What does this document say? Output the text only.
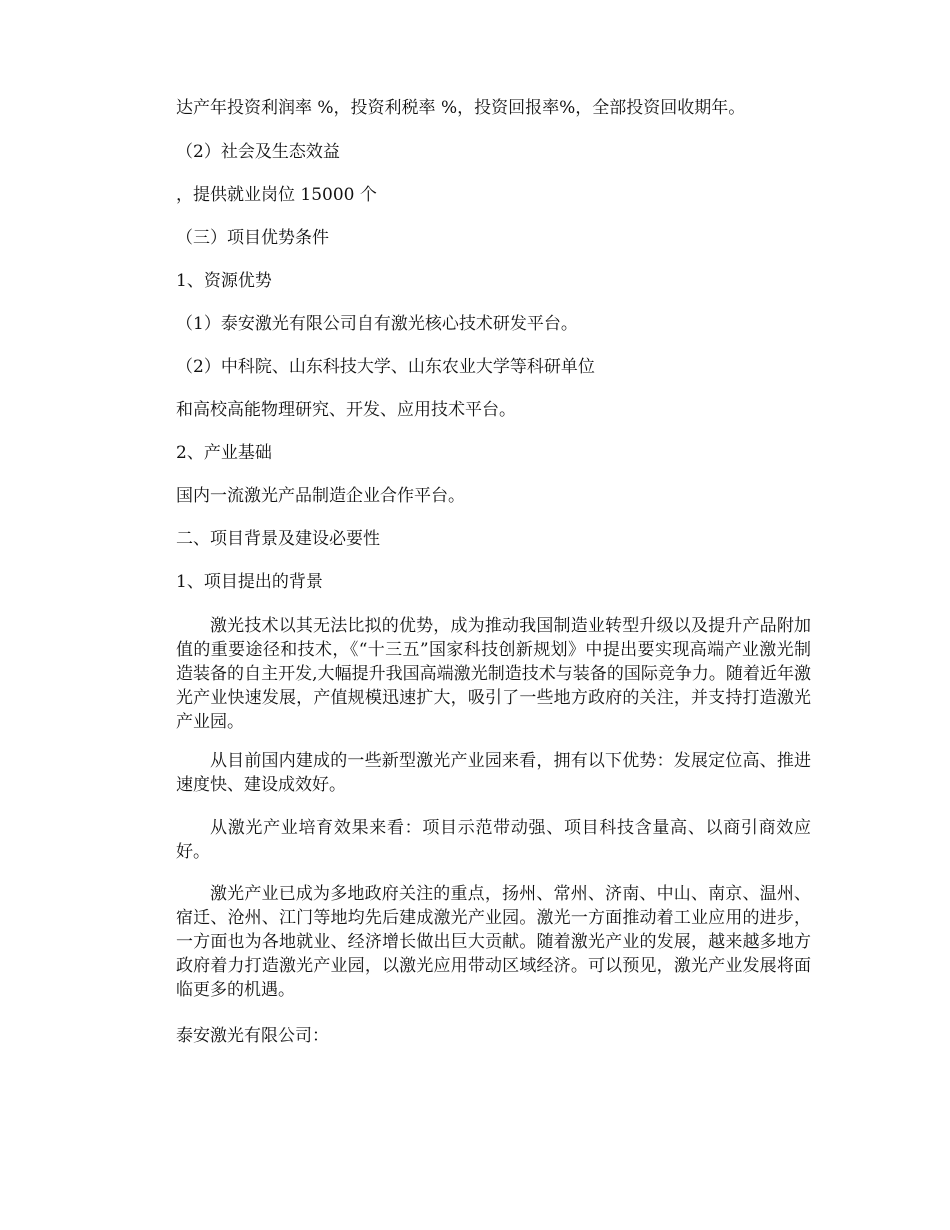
达产年投资利润率 %，投资利税率 %，投资回报率%，全部投资回收期年。

（2）社会及生态效益

，提供就业岗位 15000 个

（三）项目优势条件

1、资源优势

（1）泰安激光有限公司自有激光核心技术研发平台。

（2）中科院、山东科技大学、山东农业大学等科研单位

和高校高能物理研究、开发、应用技术平台。

2、产业基础

国内一流激光产品制造企业合作平台。

二、项目背景及建设必要性

1、项目提出的背景

激光技术以其无法比拟的优势，成为推动我国制造业转型升级以及提升产品附加值的重要途径和技术，《“十三五”国家科技创新规划》中提出要实现高端产业激光制造装备的自主开发,大幅提升我国高端激光制造技术与装备的国际竞争力。随着近年激光产业快速发展，产值规模迅速扩大，吸引了一些地方政府的关注，并支持打造激光产业园。

从目前国内建成的一些新型激光产业园来看，拥有以下优势：发展定位高、推进速度快、建设成效好。

从激光产业培育效果来看：项目示范带动强、项目科技含量高、以商引商效应好。

激光产业已成为多地政府关注的重点，扬州、常州、济南、中山、南京、温州、宿迁、沧州、江门等地均先后建成激光产业园。激光一方面推动着工业应用的进步，一方面也为各地就业、经济增长做出巨大贡献。随着激光产业的发展，越来越多地方政府着力打造激光产业园，以激光应用带动区域经济。可以预见，激光产业发展将面临更多的机遇。

泰安激光有限公司：
